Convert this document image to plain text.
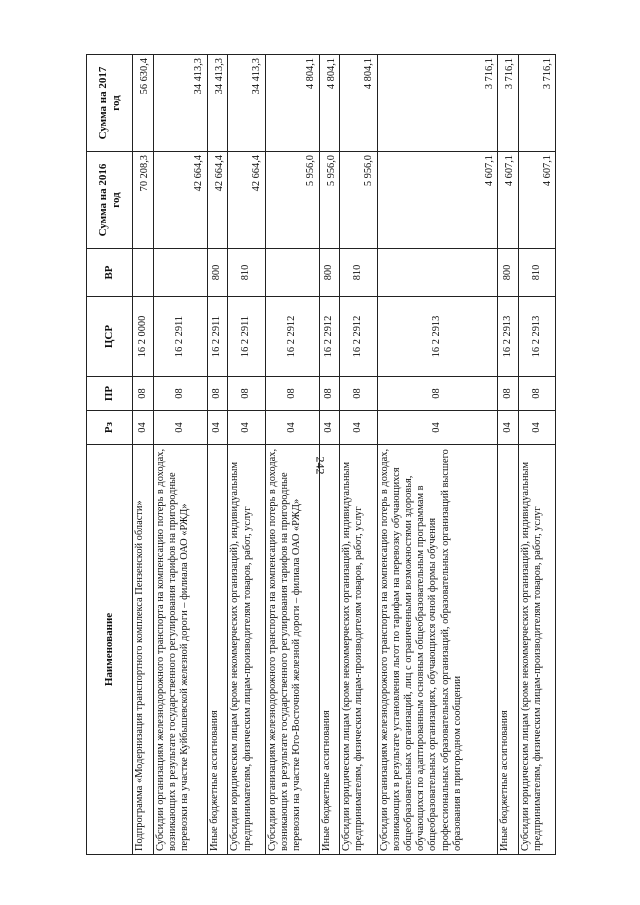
242
Наименование	Рз	ПР	ЦСР	ВР	Сумма на 2016 год	Сумма на 2017 год
Подпрограмма «Модернизация транспортного комплекса Пензенской области»	04	08	16 2 0000		70 208,3	56 630,4
Субсидии организациям железнодорожного транспорта на компенсацию потерь в доходах, возникающих в результате государственного регулирования тарифов на пригородные перевозки на участке Куйбышевской железной дороги – филиала ОАО «РЖД»	04	08	16 2 2911		42 664,4	34 413,3
Иные бюджетные ассигнования	04	08	16 2 2911	800	42 664,4	34 413,3
Субсидии юридическим лицам (кроме некоммерческих организаций), индивидуальным предпринимателям, физическим лицам-производителям товаров, работ, услуг	04	08	16 2 2911	810	42 664,4	34 413,3
Субсидии организациям железнодорожного транспорта на компенсацию потерь в доходах, возникающих в результате государственного регулирования тарифов на пригородные перевозки на участке Юго-Восточной железной дороги – филиала ОАО «РЖД»	04	08	16 2 2912		5 956,0	4 804,1
Иные бюджетные ассигнования	04	08	16 2 2912	800	5 956,0	4 804,1
Субсидии юридическим лицам (кроме некоммерческих организаций), индивидуальным предпринимателям, физическим лицам-производителям товаров, работ, услуг	04	08	16 2 2912	810	5 956,0	4 804,1
Субсидии организациям железнодорожного транспорта на компенсацию потерь в доходах, возникающих в результате установления льгот по тарифам на перевозку обучающихся общеобразовательных организаций, лиц с ограниченными возможностями здоровья, обучающихся по адаптированным основным общеобразовательным программам в общеобразовательных организациях, обучающихся очной формы обучения профессиональных образовательных организаций, образовательных организаций высшего образования в пригородном сообщении	04	08	16 2 2913		4 607,1	3 716,1
Иные бюджетные ассигнования	04	08	16 2 2913	800	4 607,1	3 716,1
Субсидии юридическим лицам (кроме некоммерческих организаций), индивидуальным предпринимателям, физическим лицам-производителям товаров, работ, услуг	04	08	16 2 2913	810	4 607,1	3 716,1
